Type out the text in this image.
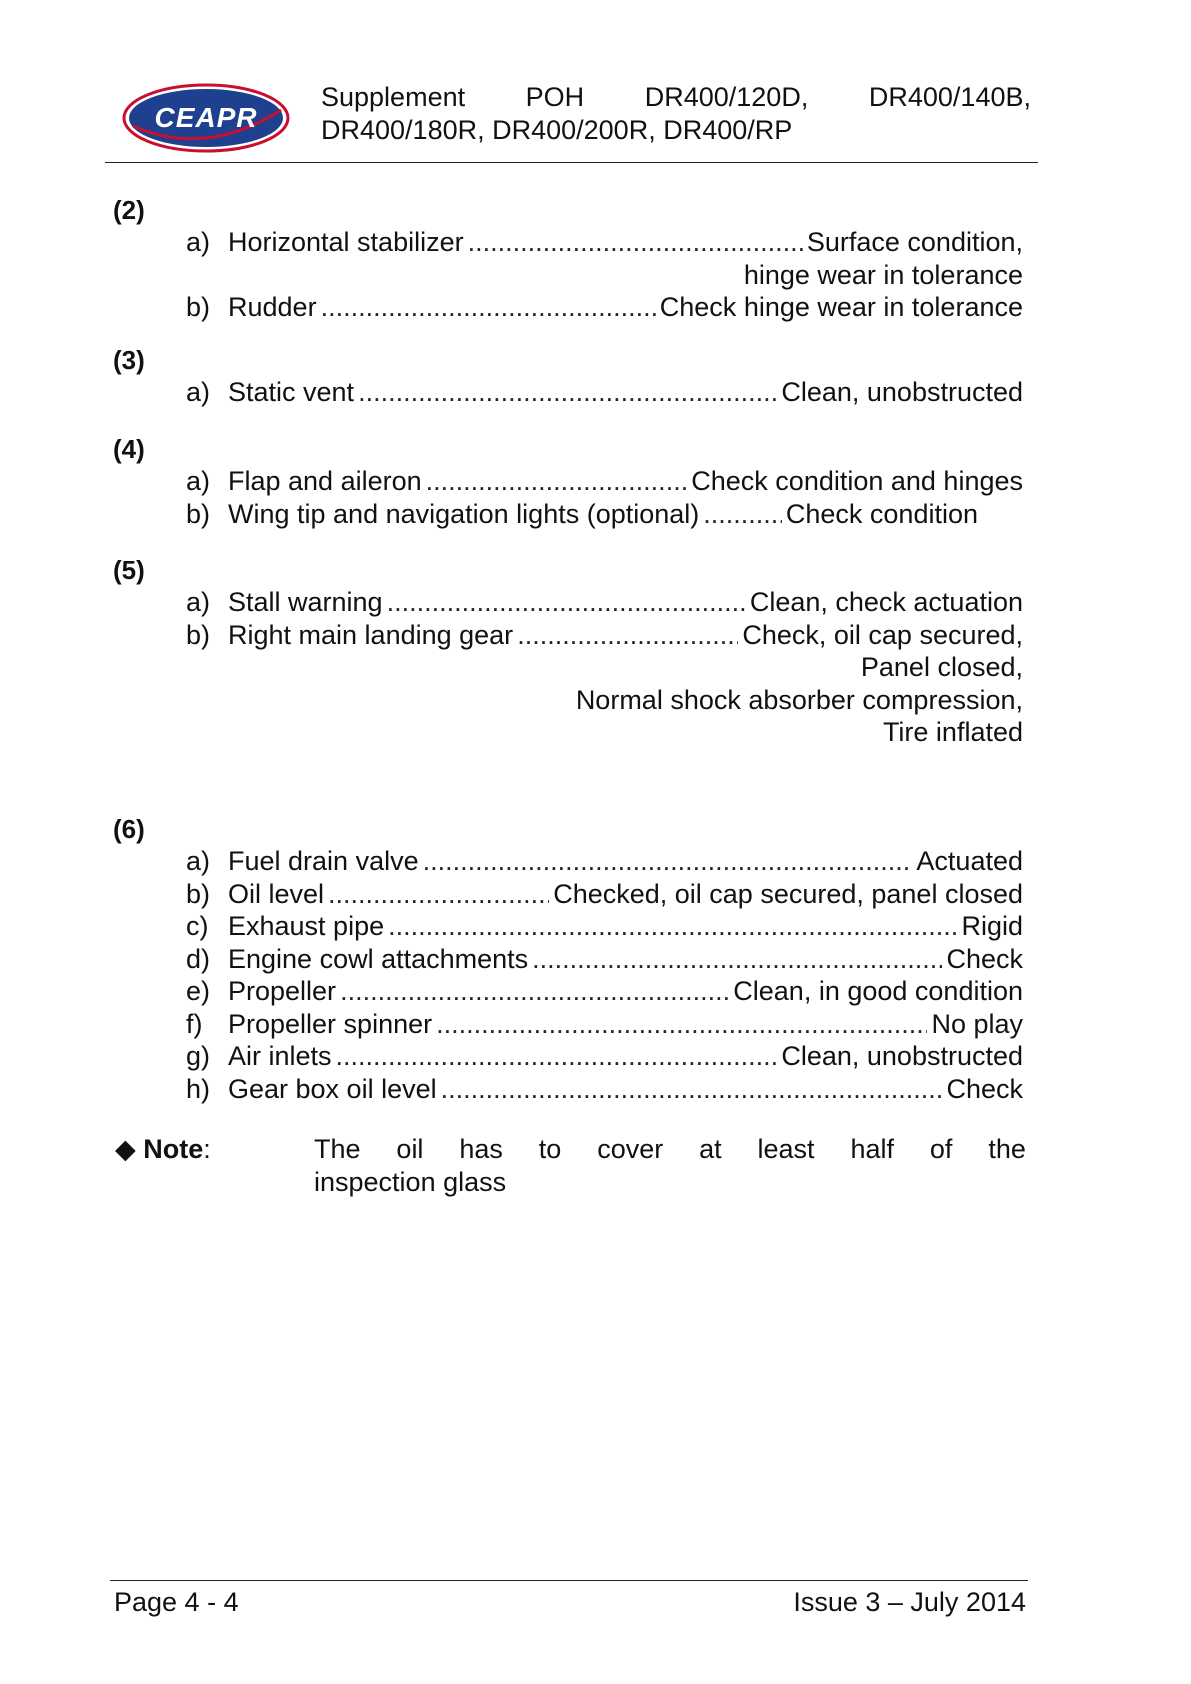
CEAPR
Supplement POH DR400/120D, DR400/140B,
DR400/180R, DR400/200R, DR400/RP
(2)
a) Horizontal stabilizer .....	Surface condition,
hinge wear in tolerance
b) Rudder .....	Check hinge wear in tolerance
(3)
a) Static vent .....	Clean, unobstructed
(4)
a) Flap and aileron .....	Check condition and hinges
b) Wing tip and navigation lights (optional) .....	Check condition
(5)
a) Stall warning .....	Clean, check actuation
b) Right main landing gear .....	Check, oil cap secured,
Panel closed,
Normal shock absorber compression,
Tire inflated
(6)
a) Fuel drain valve .....	Actuated
b) Oil level .....	Checked, oil cap secured, panel closed
c) Exhaust pipe .....	Rigid
d) Engine cowl attachments .....	Check
e) Propeller .....	Clean, in good condition
f) Propeller spinner .....	No play
g) Air inlets .....	Clean, unobstructed
h) Gear box oil level .....	Check
◆ Note:	The oil has to cover at least half of the
inspection glass
Page 4 - 4	Issue 3 – July 2014
